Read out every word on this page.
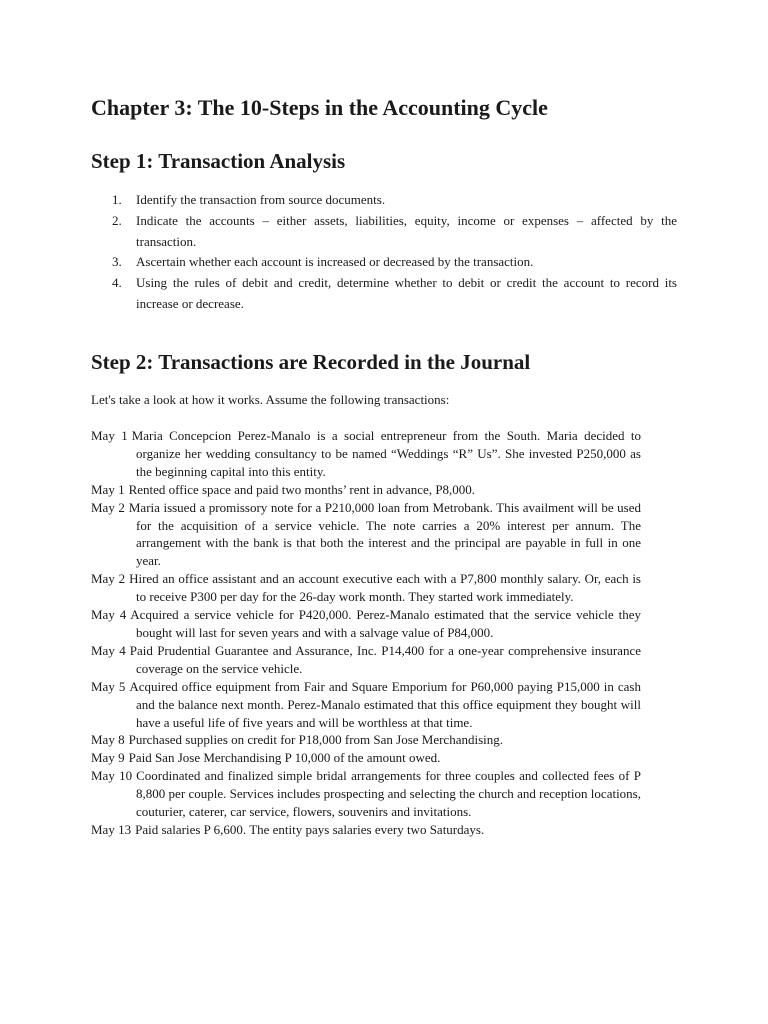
Chapter 3: The 10-Steps in the Accounting Cycle
Step 1: Transaction Analysis
1. Identify the transaction from source documents.
2. Indicate the accounts – either assets, liabilities, equity, income or expenses – affected by the transaction.
3. Ascertain whether each account is increased or decreased by the transaction.
4. Using the rules of debit and credit, determine whether to debit or credit the account to record its increase or decrease.
Step 2: Transactions are Recorded in the Journal
Let's take a look at how it works. Assume the following transactions:
May 1 Maria Concepcion Perez-Manalo is a social entrepreneur from the South. Maria decided to organize her wedding consultancy to be named “Weddings “R” Us”. She invested P250,000 as the beginning capital into this entity.
May 1 Rented office space and paid two months’ rent in advance, P8,000.
May 2 Maria issued a promissory note for a P210,000 loan from Metrobank. This availment will be used for the acquisition of a service vehicle. The note carries a 20% interest per annum. The arrangement with the bank is that both the interest and the principal are payable in full in one year.
May 2 Hired an office assistant and an account executive each with a P7,800 monthly salary. Or, each is to receive P300 per day for the 26-day work month. They started work immediately.
May 4 Acquired a service vehicle for P420,000. Perez-Manalo estimated that the service vehicle they bought will last for seven years and with a salvage value of P84,000.
May 4 Paid Prudential Guarantee and Assurance, Inc. P14,400 for a one-year comprehensive insurance coverage on the service vehicle.
May 5 Acquired office equipment from Fair and Square Emporium for P60,000 paying P15,000 in cash and the balance next month. Perez-Manalo estimated that this office equipment they bought will have a useful life of five years and will be worthless at that time.
May 8 Purchased supplies on credit for P18,000 from San Jose Merchandising.
May 9 Paid San Jose Merchandising P 10,000 of the amount owed.
May 10 Coordinated and finalized simple bridal arrangements for three couples and collected fees of P 8,800 per couple. Services includes prospecting and selecting the church and reception locations, couturier, caterer, car service, flowers, souvenirs and invitations.
May 13 Paid salaries P 6,600. The entity pays salaries every two Saturdays.
